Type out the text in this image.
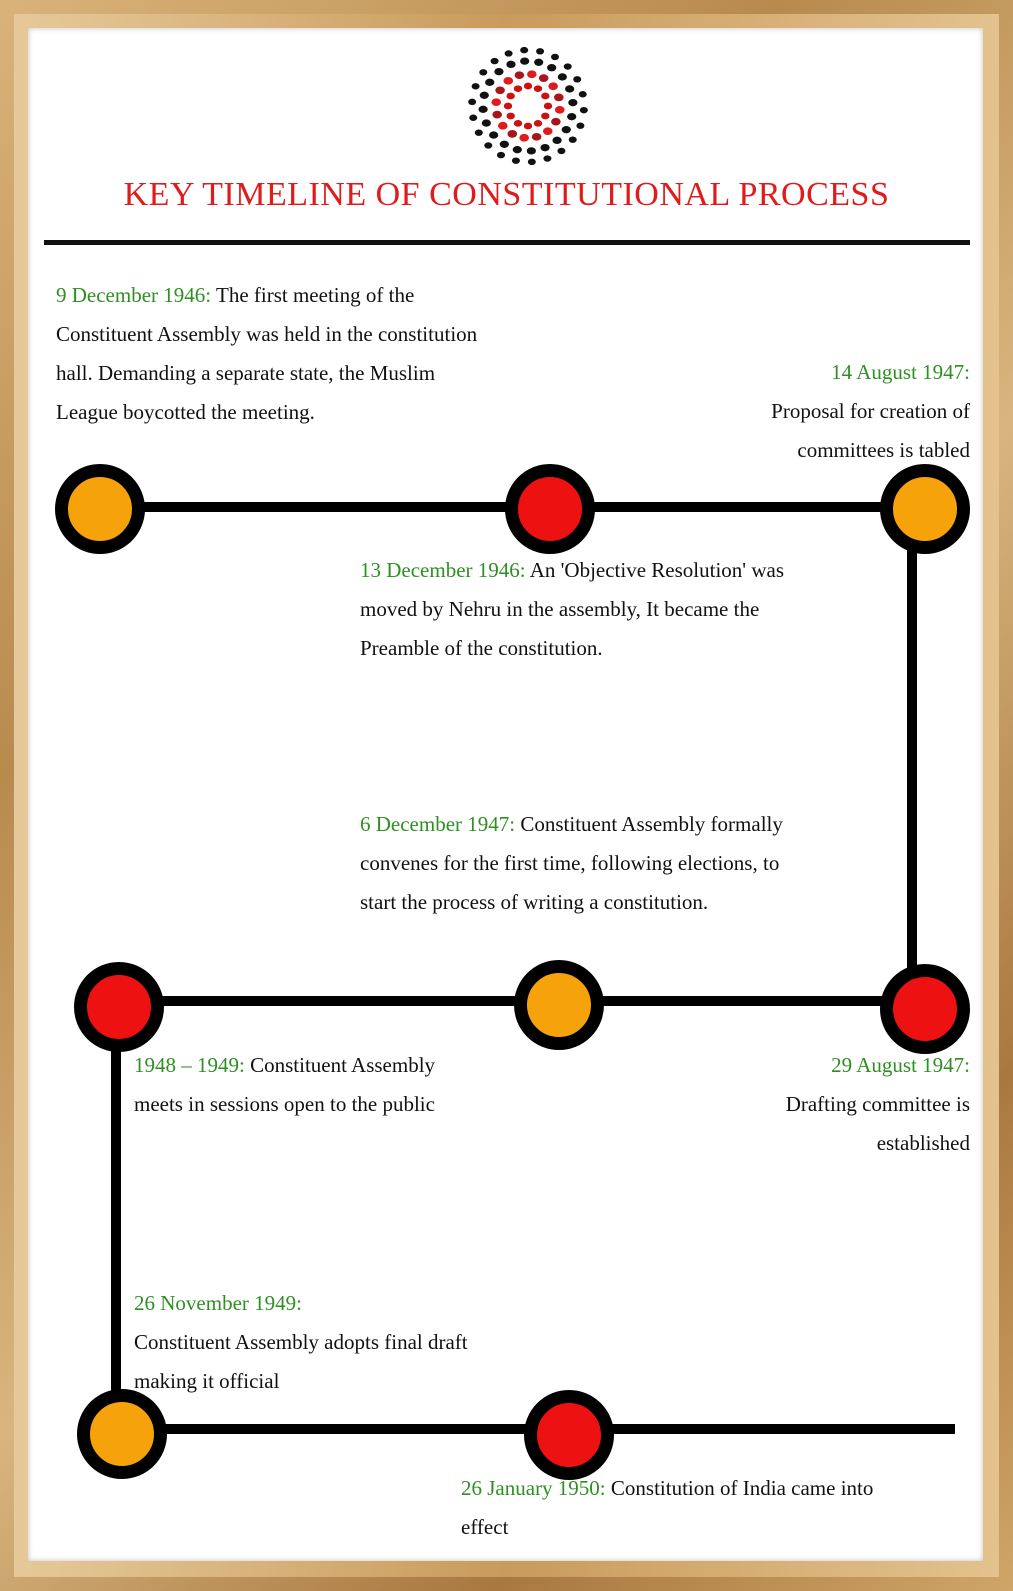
KEY TIMELINE OF CONSTITUTIONAL PROCESS
9 December 1946: The first meeting of the Constituent Assembly was held in the constitution hall. Demanding a separate state, the Muslim League boycotted the meeting.
14 August 1947:
Proposal for creation of committees is tabled
13 December 1946: An 'Objective Resolution' was moved by Nehru in the assembly, It became the Preamble of the constitution.
6 December 1947: Constituent Assembly formally convenes for the first time, following elections, to start the process of writing a constitution.
1948 – 1949: Constituent Assembly meets in sessions open to the public
29 August 1947:
Drafting committee is established
26 November 1949:
Constituent Assembly adopts final draft making it official
26 January 1950: Constitution of India came into effect
